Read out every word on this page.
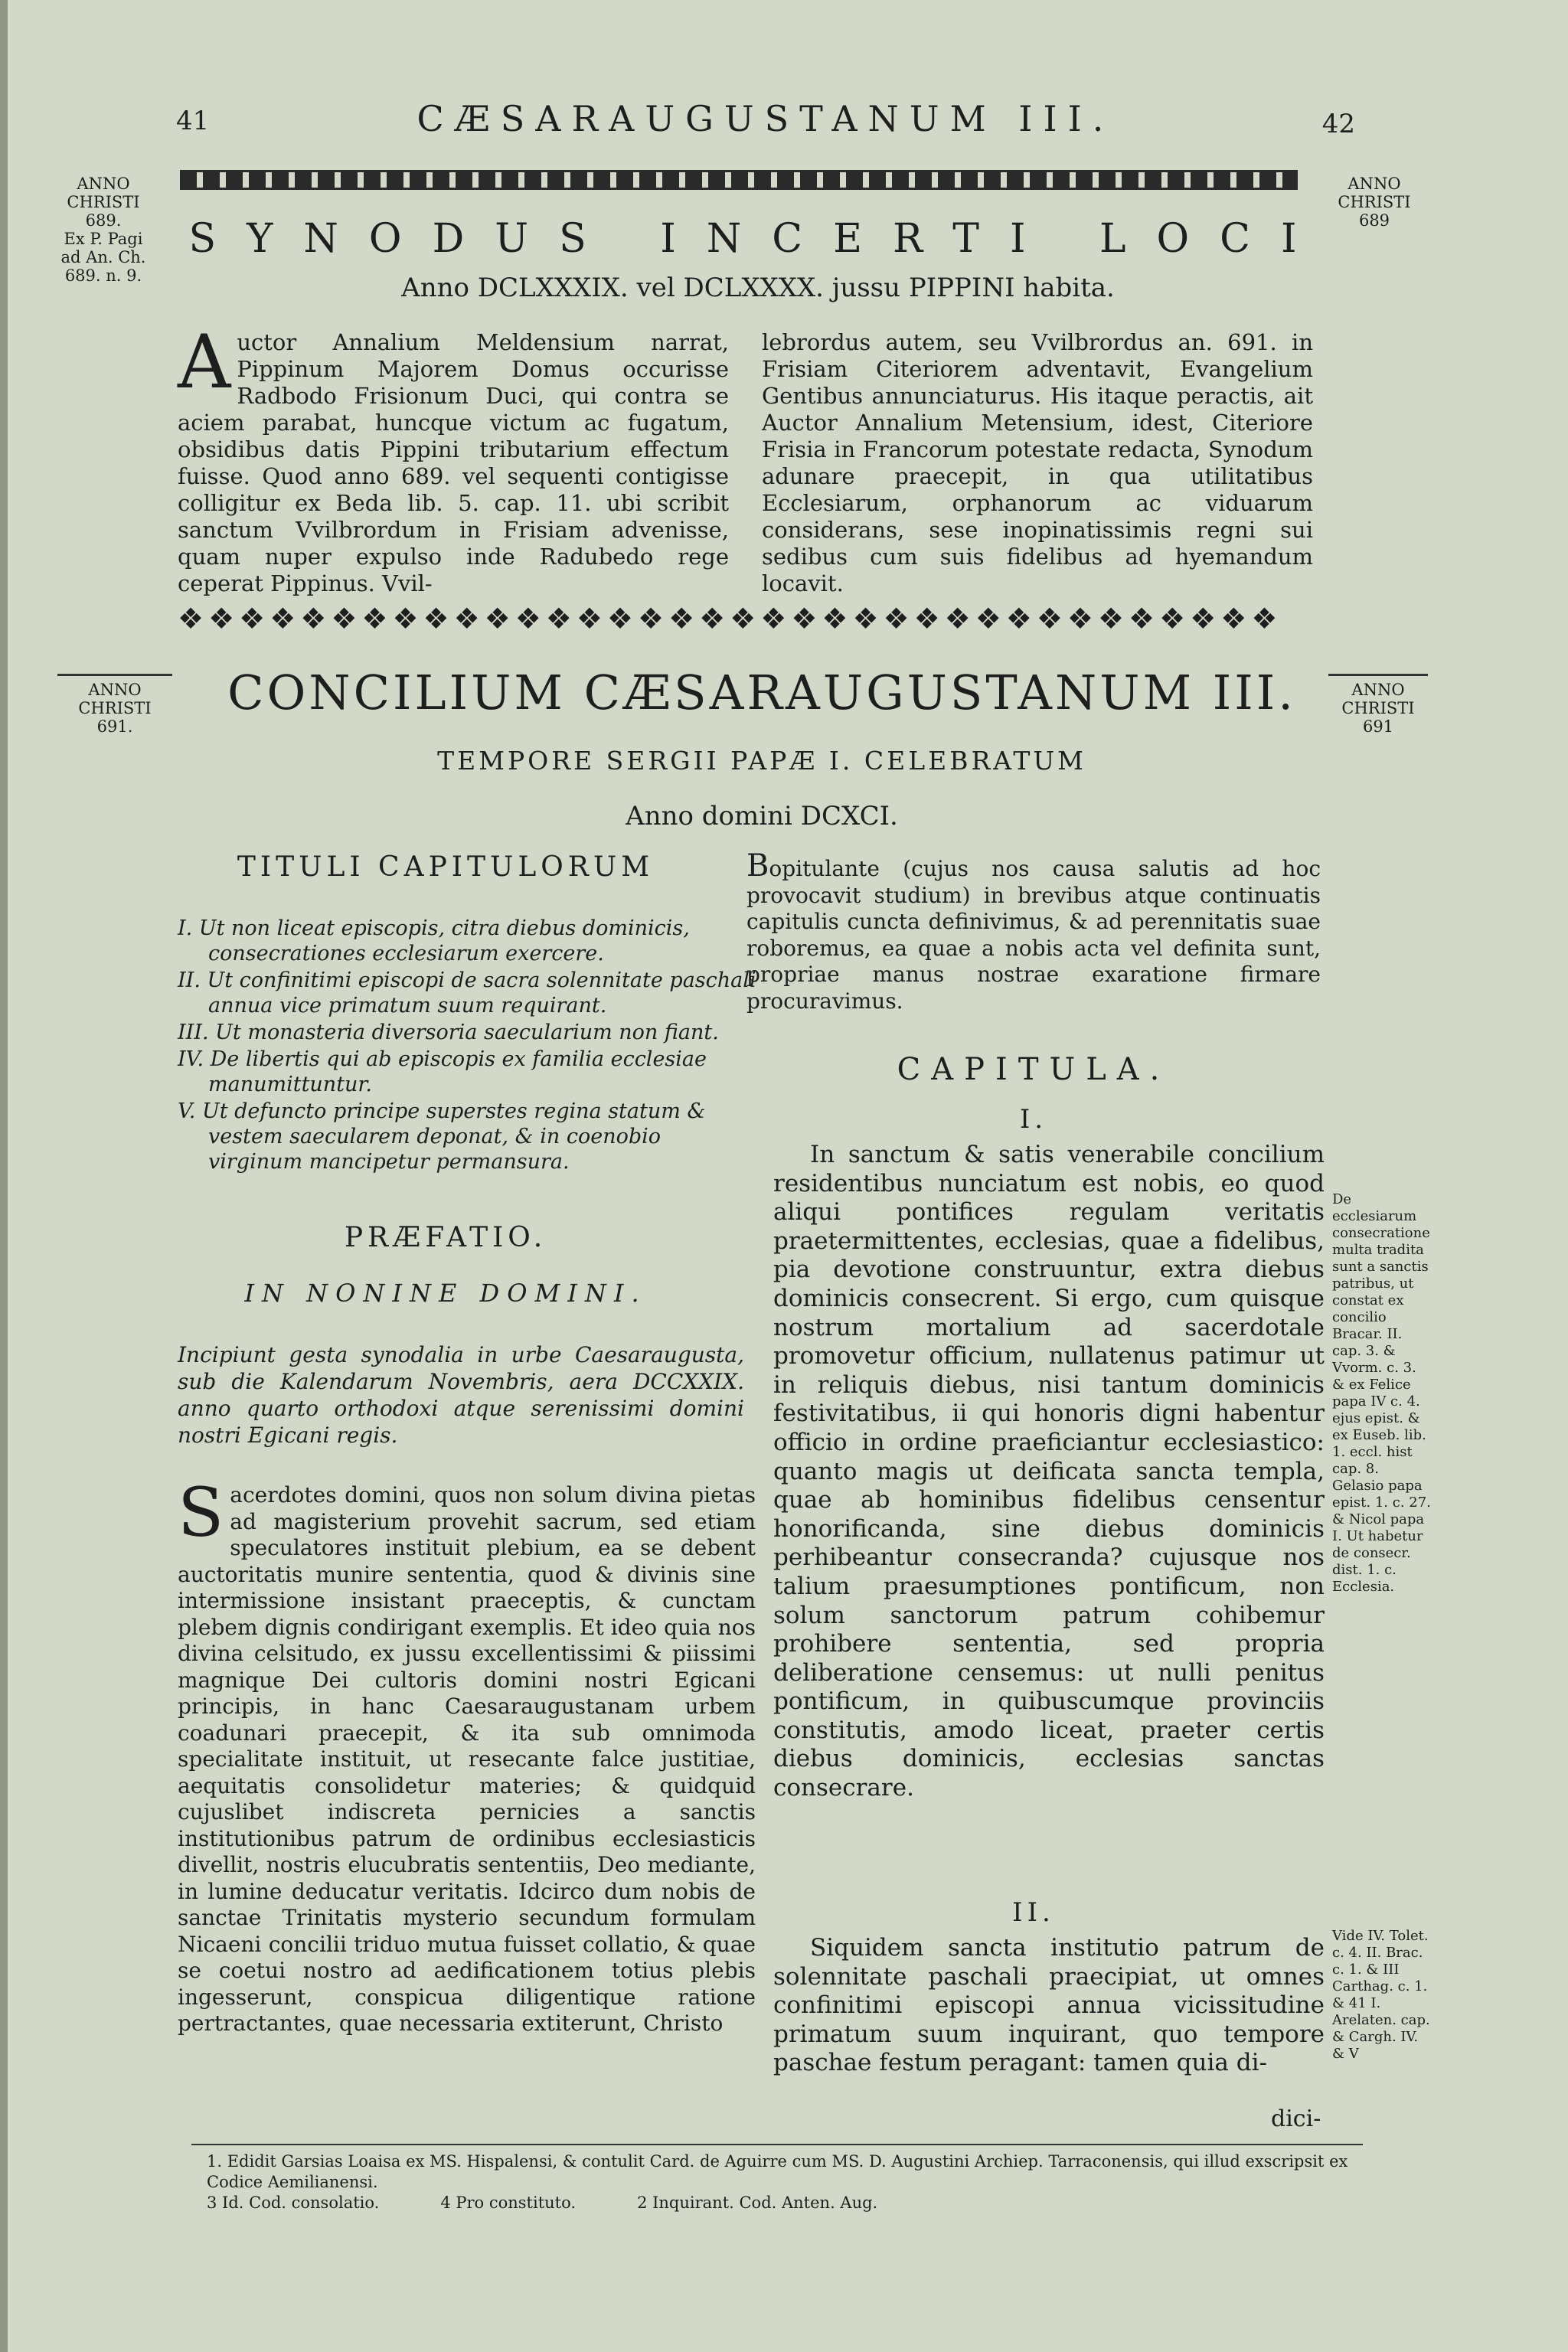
41	CÆSARAUGUSTANUM III.	42
ANNO
CHRISTI
689.
Ex P. Pagi
ad An. Ch.
689. n. 9.
ANNO
CHRISTI
689
SYNODUS INCERTI LOCI
Anno DCLXXXIX. vel DCLXXXX. jussu PIPPINI habita.

Auctor Annalium Meldensium narrat, Pippinum Majorem Domus occurisse Radbodo Frisionum Duci, qui contra se aciem parabat, huncque victum ac fugatum, obsidibus datis Pippini tributarium effectum fuisse. Quod anno 689. vel sequenti contigisse colligitur ex Beda lib. 5. cap. 11. ubi scribit sanctum Vvilbrordum in Frisiam advenisse, quam nuper expulso inde Radubedo rege ceperat Pippinus. Vvil-

lebrordus autem, seu Vvilbrordus an. 691. in Frisiam Citeriorem adventavit, Evangelium Gentibus annunciaturus. His itaque peractis, ait Auctor Annalium Metensium, idest, Citeriore Frisia in Francorum potestate redacta, Synodum adunare praecepit, in qua utilitatibus Ecclesiarum, orphanorum ac viduarum considerans, sese inopinatissimis regni sui sedibus cum suis fidelibus ad hyemandum locavit.

❖❖❖❖❖❖❖❖❖❖❖❖❖❖❖❖❖❖❖❖❖❖❖❖❖❖❖❖❖❖❖❖❖❖❖❖
ANNO
CHRISTI
691.
ANNO
CHRISTI
691
CONCILIUM CÆSARAUGUSTANUM III.
TEMPORE SERGII PAPÆ I. CELEBRATUM
Anno domini DCXCI.
TITULI CAPITULORUM
I. Ut non liceat episcopis, citra diebus dominicis, consecrationes ecclesiarum exercere.
II. Ut confinitimi episcopi de sacra solennitate paschali annua vice primatum suum requirant.
III. Ut monasteria diversoria saecularium non fiant.
IV. De libertis qui ab episcopis ex familia ecclesiae manumittuntur.
V. Ut defuncto principe superstes regina statum & vestem saecularem deponat, & in coenobio virginum mancipetur permansura.
PRÆFATIO.
IN NONINE DOMINI.
Incipiunt gesta synodalia in urbe Caesaraugusta, sub die Kalendarum Novembris, aera DCCXXIX. anno quarto orthodoxi atque serenissimi domini nostri Egicani regis.

Sacerdotes domini, quos non solum divina pietas ad magisterium provehit sacrum, sed etiam speculatores instituit plebium, ea se debent auctoritatis munire sententia, quod & divinis sine intermissione insistant praeceptis, & cunctam plebem dignis condirigant exemplis. Et ideo quia nos divina celsitudo, ex jussu excellentissimi & piissimi magnique Dei cultoris domini nostri Egicani principis, in hanc Caesaraugustanam urbem coadunari praecepit, & ita sub omnimoda specialitate instituit, ut resecante falce justitiae, aequitatis consolidetur materies; & quidquid cujuslibet indiscreta pernicies a sanctis institutionibus patrum de ordinibus ecclesiasticis divellit, nostris elucubratis sententiis, Deo mediante, in lumine deducatur veritatis. Idcirco dum nobis de sanctae Trinitatis mysterio secundum formulam Nicaeni concilii triduo mutua fuisset collatio, & quae se coetui nostro ad aedificationem totius plebis ingesserunt, conspicua diligentique ratione pertractantes, quae necessaria extiterunt, Christo

Bopitulante (cujus nos causa salutis ad hoc provocavit studium) in brevibus atque continuatis capitulis cuncta definivimus, & ad perennitatis suae roboremus, ea quae a nobis acta vel definita sunt, propriae manus nostrae exaratione firmare procuravimus.

CAPITULA.
I.

In sanctum & satis venerabile concilium residentibus nunciatum est nobis, eo quod aliqui pontifices regulam veritatis praetermittentes, ecclesias, quae a fidelibus, pia devotione construuntur, extra diebus dominicis consecrent. Si ergo, cum quisque nostrum mortalium ad sacerdotale promovetur officium, nullatenus patimur ut in reliquis diebus, nisi tantum dominicis festivitatibus, ii qui honoris digni habentur officio in ordine praeficiantur ecclesiastico: quanto magis ut deificata sancta templa, quae ab hominibus fidelibus censentur honorificanda, sine diebus dominicis perhibeantur consecranda? cujusque nos talium praesumptiones pontificum, non solum sanctorum patrum cohibemur prohibere sententia, sed propria deliberatione censemus: ut nulli penitus pontificum, in quibuscumque provinciis constitutis, amodo liceat, praeter certis diebus dominicis, ecclesias sanctas consecrare.

II.

Siquidem sancta institutio patrum de solennitate paschali praecipiat, ut omnes confinitimi episcopi annua vicissitudine primatum suum inquirant, quo tempore paschae festum peragant: tamen quia di-

dici-
De ecclesiarum consecratione multa tradita sunt a sanctis patribus, ut constat ex concilio Bracar. II. cap. 3. & Vvorm. c. 3. & ex Felice papa IV c. 4. ejus epist. & ex Euseb. lib. 1. eccl. hist cap. 8. Gelasio papa epist. 1. c. 27. & Nicol papa I. Ut habetur de consecr. dist. 1. c. Ecclesia.
Vide IV. Tolet. c. 4. II. Brac. c. 1. & III Carthag. c. 1. & 41 I. Arelaten. cap. & Cargh. IV. & V
1. Edidit Garsias Loaisa ex MS. Hispalensi, & contulit Card. de Aguirre cum MS. D. Augustini Archiep. Tarraconensis, qui illud exscripsit ex Codice Aemilianensi.
3 Id. Cod. consolatio.	4 Pro constituto.	2 Inquirant. Cod. Anten. Aug.
